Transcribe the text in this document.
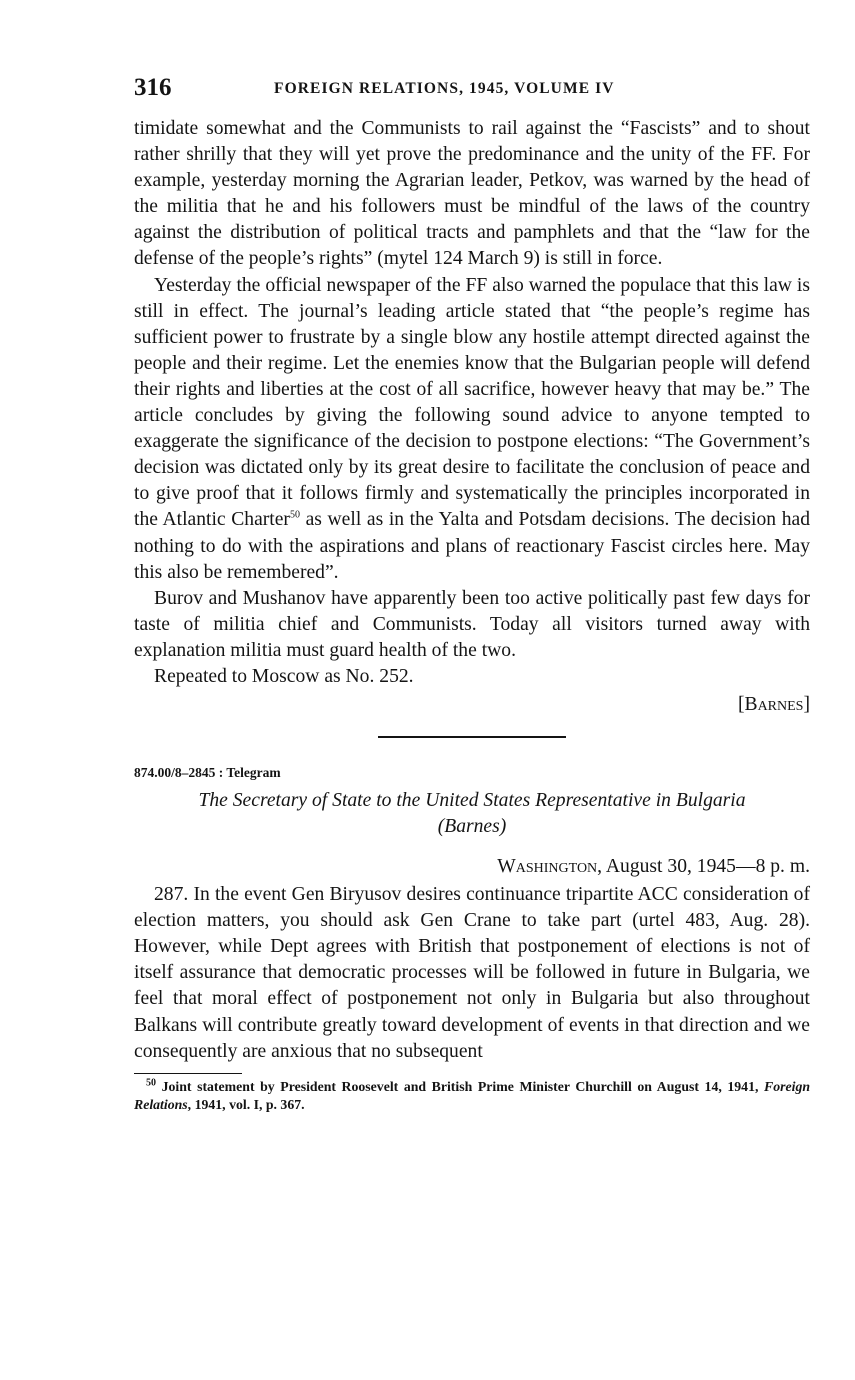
316	FOREIGN RELATIONS, 1945, VOLUME IV

timidate somewhat and the Communists to rail against the “Fascists” and to shout rather shrilly that they will yet prove the predominance and the unity of the FF. For example, yesterday morning the Agrarian leader, Petkov, was warned by the head of the militia that he and his followers must be mindful of the laws of the country against the distribution of political tracts and pamphlets and that the “law for the defense of the people’s rights” (mytel 124 March 9) is still in force.

Yesterday the official newspaper of the FF also warned the populace that this law is still in effect. The journal’s leading article stated that “the people’s regime has sufficient power to frustrate by a single blow any hostile attempt directed against the people and their regime. Let the enemies know that the Bulgarian people will defend their rights and liberties at the cost of all sacrifice, however heavy that may be.” The article concludes by giving the following sound advice to anyone tempted to exaggerate the significance of the decision to postpone elections: “The Government’s decision was dictated only by its great desire to facilitate the conclusion of peace and to give proof that it follows firmly and systematically the principles incorporated in the Atlantic Charter$^{50}$ as well as in the Yalta and Potsdam decisions. The decision had nothing to do with the aspirations and plans of reactionary Fascist circles here. May this also be remembered”.

Burov and Mushanov have apparently been too active politically past few days for taste of militia chief and Communists. Today all visitors turned away with explanation militia must guard health of the two.

Repeated to Moscow as No. 252.

[Barnes]
874.00/8–2845 : Telegram
The Secretary of State to the United States Representative in Bulgaria
(Barnes)
Washington, August 30, 1945—8 p. m.

287. In the event Gen Biryusov desires continuance tripartite ACC consideration of election matters, you should ask Gen Crane to take part (urtel 483, Aug. 28). However, while Dept agrees with British that postponement of elections is not of itself assurance that democratic processes will be followed in future in Bulgaria, we feel that moral effect of postponement not only in Bulgaria but also throughout Balkans will contribute greatly toward development of events in that direction and we consequently are anxious that no subsequent

$^{50}$ Joint statement by President Roosevelt and British Prime Minister Churchill on August 14, 1941, Foreign Relations, 1941, vol. I, p. 367.
